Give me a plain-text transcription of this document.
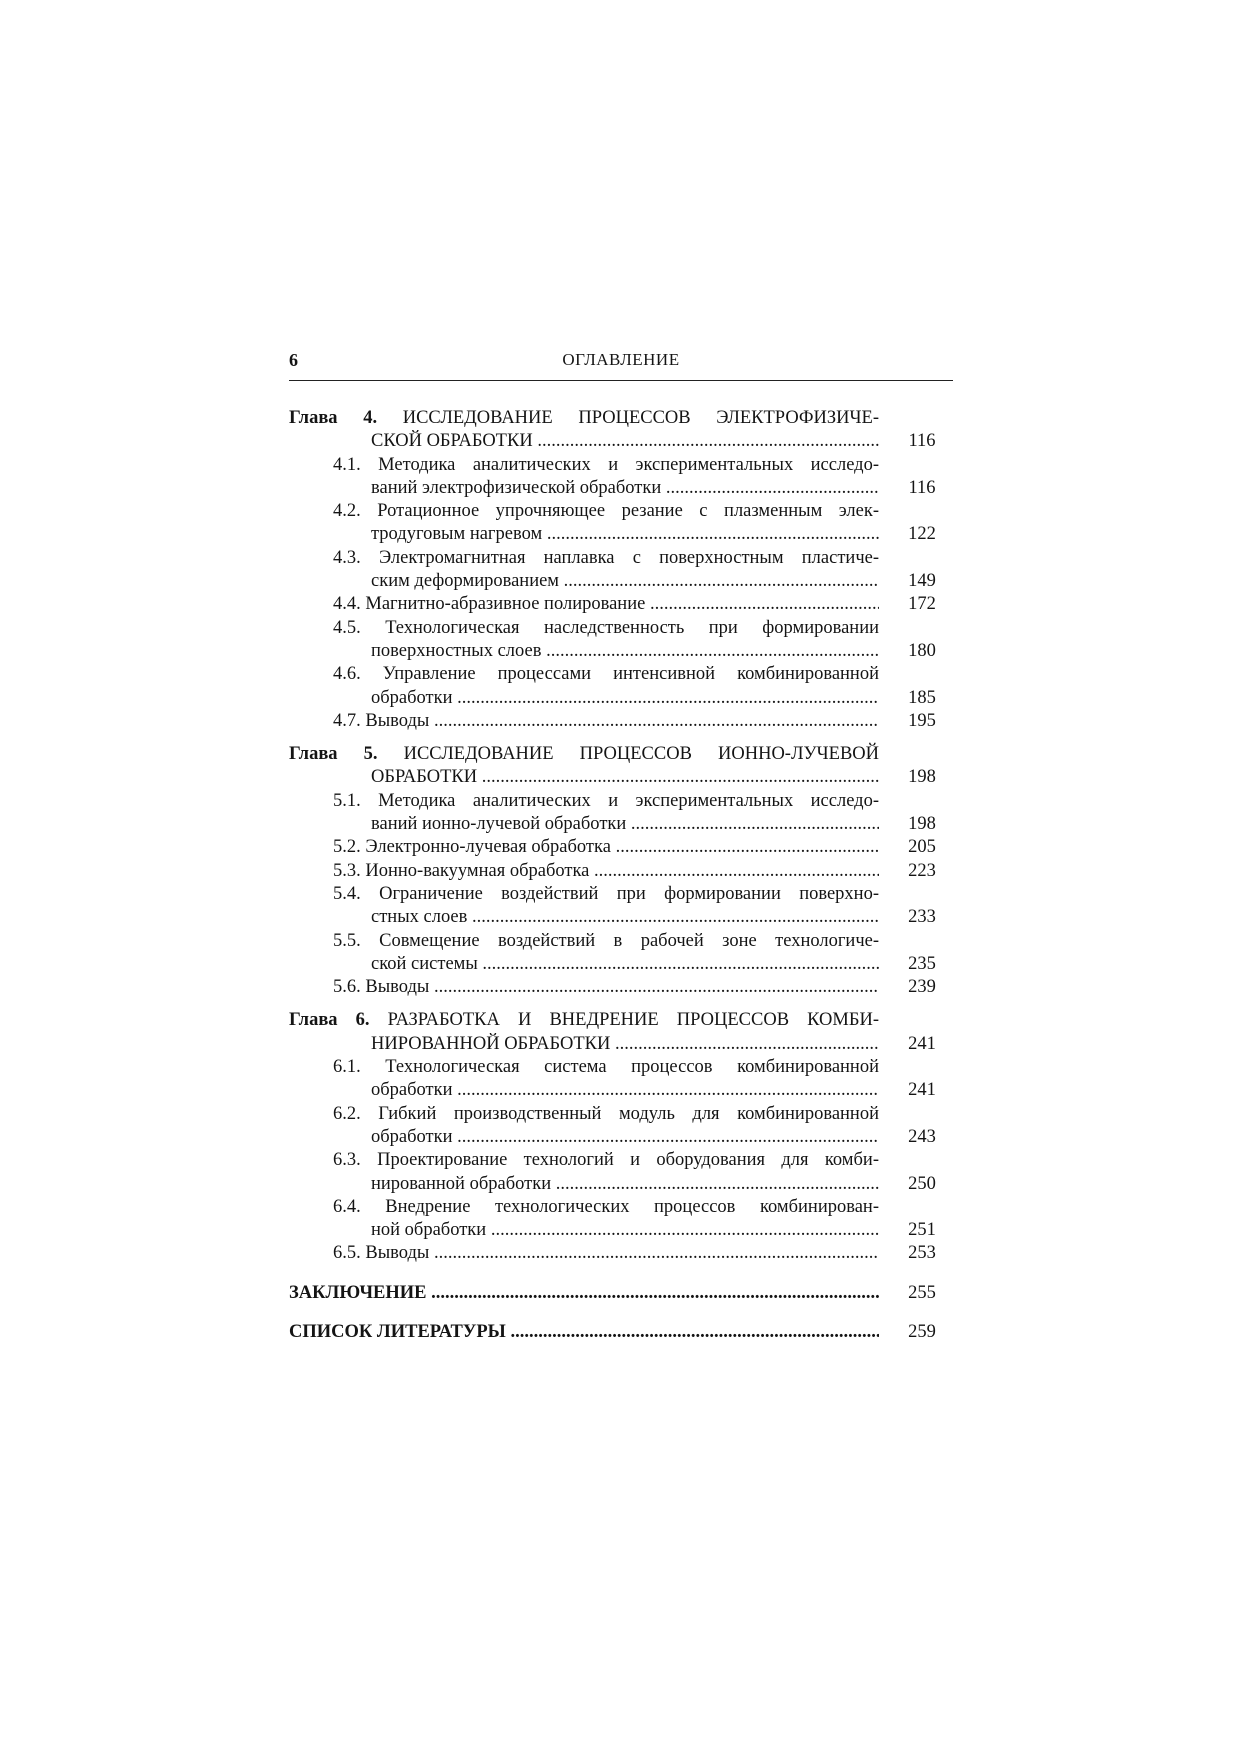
6	ОГЛАВЛЕНИЕ
Глава 4. ИССЛЕДОВАНИЕ ПРОЦЕССОВ ЭЛЕКТРОФИЗИЧЕ-
СКОЙ ОБРАБОТКИ .....	116
4.1. Методика аналитических и экспериментальных исследо-
ваний электрофизической обработки .....	116
4.2. Ротационное упрочняющее резание с плазменным элек-
тродуговым нагревом .....	122
4.3. Электромагнитная наплавка с поверхностным пластиче-
ским деформированием .....	149
4.4. Магнитно-абразивное полирование .....	172
4.5. Технологическая наследственность при формировании
поверхностных слоев .....	180
4.6. Управление процессами интенсивной комбинированной
обработки .....	185
4.7. Выводы .....	195
Глава 5. ИССЛЕДОВАНИЕ ПРОЦЕССОВ ИОННО-ЛУЧЕВОЙ
ОБРАБОТКИ .....	198
5.1. Методика аналитических и экспериментальных исследо-
ваний ионно-лучевой обработки .....	198
5.2. Электронно-лучевая обработка .....	205
5.3. Ионно-вакуумная обработка .....	223
5.4. Ограничение воздействий при формировании поверхно-
стных слоев .....	233
5.5. Совмещение воздействий в рабочей зоне технологиче-
ской системы .....	235
5.6. Выводы .....	239
Глава 6. РАЗРАБОТКА И ВНЕДРЕНИЕ ПРОЦЕССОВ КОМБИ-
НИРОВАННОЙ ОБРАБОТКИ .....	241
6.1. Технологическая система процессов комбинированной
обработки .....	241
6.2. Гибкий производственный модуль для комбинированной
обработки .....	243
6.3. Проектирование технологий и оборудования для комби-
нированной обработки .....	250
6.4. Внедрение технологических процессов комбинирован-
ной обработки .....	251
6.5. Выводы .....	253
ЗАКЛЮЧЕНИЕ .....	255
СПИСОК ЛИТЕРАТУРЫ .....	259
